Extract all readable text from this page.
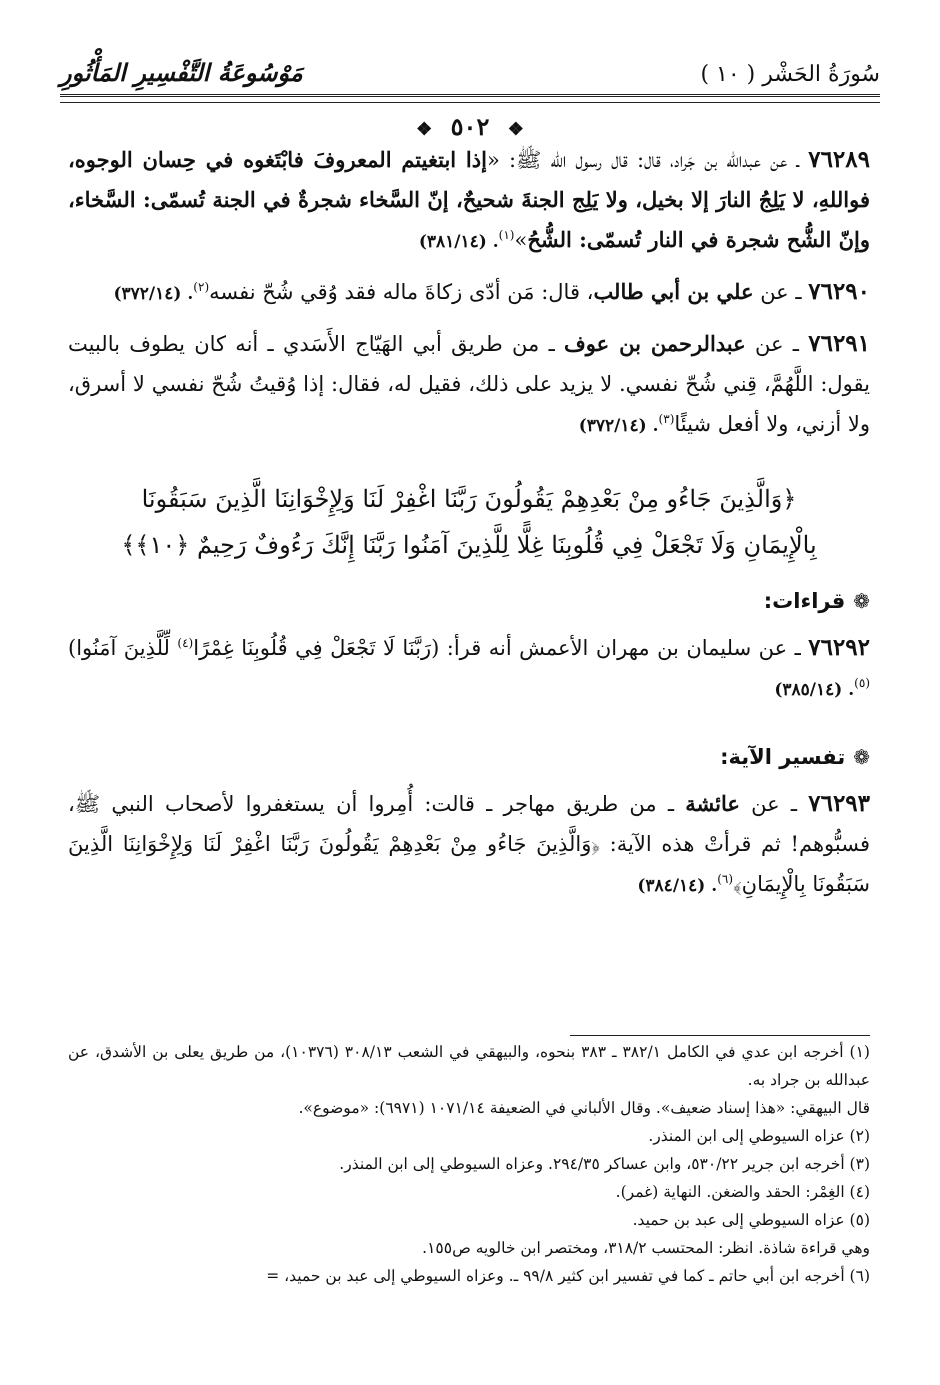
سُورَةُ الحَشْر ( ١٠ )
مَوْسُوعَةُ التَّفْسِيرِ المَأْثُورِ
❖ ٥٠٢ ❖

٧٦٢٨٩ ـ عن عبدالله بن جَراد، قال: قال رسول الله ﷺ: «إذا ابتغيتم المعروفَ فابْتَغوه في حِسان الوجوه، فواللهِ، لا يَلِجُ النارَ إلا بخيل، ولا يَلِج الجنةَ شحيحٌ، إنّ السَّخاء شجرةٌ في الجنة تُسمّى: السَّخاء، وإنّ الشُّح شجرة في النار تُسمّى: الشُّحُ»$^{(١)}$. (٣٨١/١٤)

٧٦٢٩٠ ـ عن علي بن أبي طالب، قال: مَن أدّى زكاةَ ماله فقد وُقي شُحّ نفسه$^{(٢)}$. (٣٧٢/١٤)

٧٦٢٩١ ـ عن عبدالرحمن بن عوف ـ من طريق أبي الهَيّاج الأَسَدي ـ أنه كان يطوف بالبيت يقول: اللَّهُمَّ، قِني شُحّ نفسي. لا يزيد على ذلك، فقيل له، فقال: إذا وُقيتُ شُحّ نفسي لا أسرق، ولا أزني، ولا أفعل شيئًا$^{(٣)}$. (٣٧٢/١٤)

﴿وَالَّذِينَ جَاءُو مِنْ بَعْدِهِمْ يَقُولُونَ رَبَّنَا اغْفِرْ لَنَا وَلِإِخْوَانِنَا الَّذِينَ سَبَقُونَا
بِالْإِيمَانِ وَلَا تَجْعَلْ فِي قُلُوبِنَا غِلًّا لِلَّذِينَ آمَنُوا رَبَّنَا إِنَّكَ رَءُوفٌ رَحِيمٌ ﴿١٠﴾﴾

❁قراءات:

٧٦٢٩٢ ـ عن سليمان بن مهران الأعمش أنه قرأ: (رَبَّنَا لَا تَجْعَلْ فِي قُلُوبِنَا غِمْرًا$^{(٤)}$ لِّلَّذِينَ آمَنُوا)$^{(٥)}$. (٣٨٥/١٤)

❁تفسير الآية:

٧٦٢٩٣ ـ عن عائشة ـ من طريق مهاجر ـ قالت: أُمِروا أن يستغفروا لأصحاب النبي ﷺ، فسبُّوهم! ثم قرأتْ هذه الآية: ﴿وَالَّذِينَ جَاءُو مِنْ بَعْدِهِمْ يَقُولُونَ رَبَّنَا اغْفِرْ لَنَا وَلِإِخْوَانِنَا الَّذِينَ سَبَقُونَا بِالْإِيمَانِ﴾$^{(٦)}$. (٣٨٤/١٤)

(١) أخرجه ابن عدي في الكامل ٣٨٢/١ ـ ٣٨٣ بنحوه، والبيهقي في الشعب ٣٠٨/١٣ (١٠٣٧٦)، من طريق يعلى بن الأشدق، عن عبدالله بن جراد به.

قال البيهقي: «هذا إسناد ضعيف». وقال الألباني في الضعيفة ١٠٧١/١٤ (٦٩٧١): «موضوع».

(٢) عزاه السيوطي إلى ابن المنذر.

(٣) أخرجه ابن جرير ٥٣٠/٢٢، وابن عساكر ٢٩٤/٣٥. وعزاه السيوطي إلى ابن المنذر.

(٤) الغِمْر: الحقد والضغن. النهاية (غمر).

(٥) عزاه السيوطي إلى عبد بن حميد.

وهي قراءة شاذة. انظر: المحتسب ٣١٨/٢، ومختصر ابن خالويه ص١٥٥.

(٦) أخرجه ابن أبي حاتم ـ كما في تفسير ابن كثير ٩٩/٨ ـ. وعزاه السيوطي إلى عبد بن حميد، =
